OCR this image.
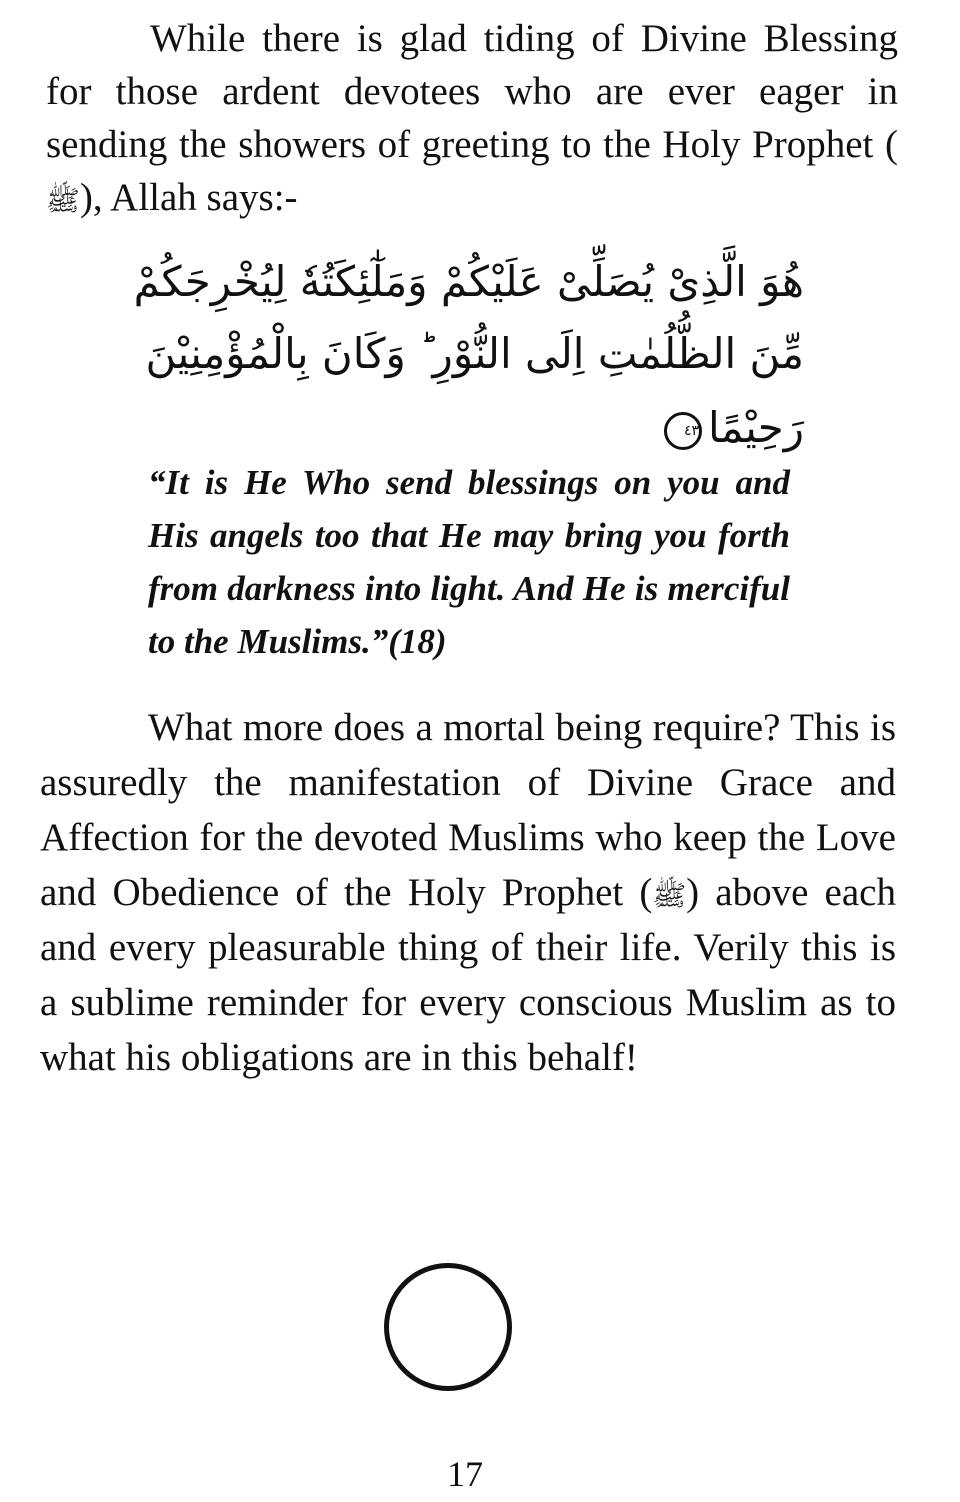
While there is glad tiding of Divine Blessing for those ardent devotees who are ever eager in sending the showers of greeting to the Holy Prophet (ﷺ), Allah says:-

هُوَ الَّذِىْ يُصَلِّىْ عَلَيْكُمْ وَمَلٰٓئِكَتُهٗ لِيُخْرِجَكُمْ
مِّنَ الظُّلُمٰتِ اِلَى النُّوْرِ ؕ وَكَانَ بِالْمُؤْمِنِيْنَ
رَحِيْمًا٤٣

“It is He Who send blessings on you and His angels too that He may bring you forth from darkness into light. And He is merciful to the Muslims.”(18)

What more does a mortal being require? This is assuredly the manifestation of Divine Grace and Affection for the devoted Muslims who keep the Love and Obedience of the Holy Prophet (ﷺ) above each and every pleasurable thing of their life. Verily this is a sublime reminder for every conscious Muslim as to what his obligations are in this behalf!

17
